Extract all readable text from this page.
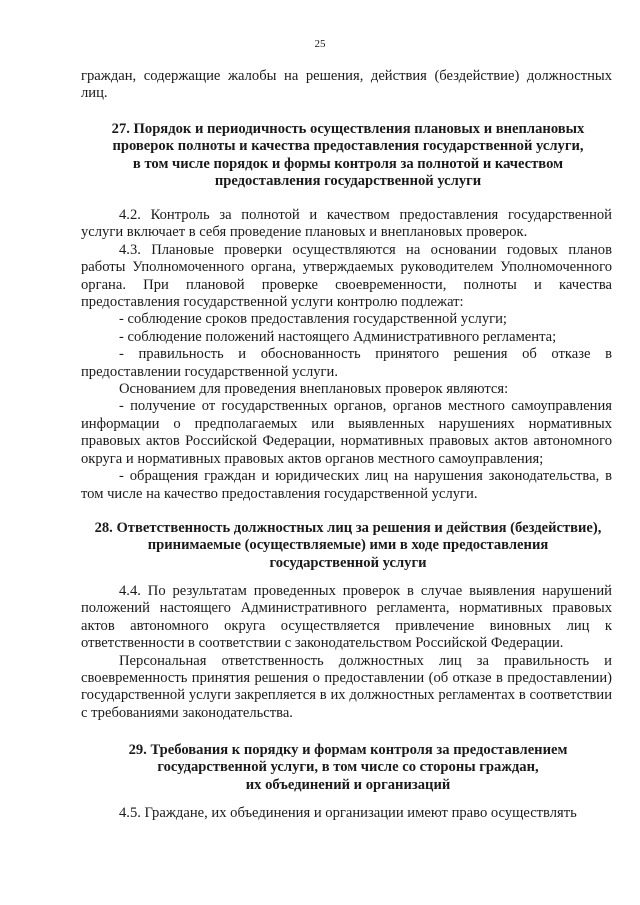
25

граждан, содержащие жалобы на решения, действия (бездействие) должностных лиц.

27. Порядок и периодичность осуществления плановых и внеплановых
проверок полноты и качества предоставления государственной услуги,
в том числе порядок и формы контроля за полнотой и качеством
предоставления государственной услуги

4.2. Контроль за полнотой и качеством предоставления государственной услуги включает в себя проведение плановых и внеплановых проверок.

4.3. Плановые проверки осуществляются на основании годовых планов работы Уполномоченного органа, утверждаемых руководителем Уполномоченного органа. При плановой проверке своевременности, полноты и качества предоставления государственной услуги контролю подлежат:

- соблюдение сроков предоставления государственной услуги;

- соблюдение положений настоящего Административного регламента;

- правильность и обоснованность принятого решения об отказе в предоставлении государственной услуги.

Основанием для проведения внеплановых проверок являются:

- получение от государственных органов, органов местного самоуправления информации о предполагаемых или выявленных нарушениях нормативных правовых актов Российской Федерации, нормативных правовых актов автономного округа и нормативных правовых актов органов местного самоуправления;

- обращения граждан и юридических лиц на нарушения законодательства, в том числе на качество предоставления государственной услуги.

28. Ответственность должностных лиц за решения и действия (бездействие),
принимаемые (осуществляемые) ими в ходе предоставления
государственной услуги

4.4. По результатам проведенных проверок в случае выявления нарушений положений настоящего Административного регламента, нормативных правовых актов автономного округа осуществляется привлечение виновных лиц к ответственности в соответствии с законодательством Российской Федерации.

Персональная ответственность должностных лиц за правильность и своевременность принятия решения о предоставлении (об отказе в предоставлении) государственной услуги закрепляется в их должностных регламентах в соответствии с требованиями законодательства.

29. Требования к порядку и формам контроля за предоставлением
государственной услуги, в том числе со стороны граждан,
их объединений и организаций

4.5. Граждане, их объединения и организации имеют право осуществлять
